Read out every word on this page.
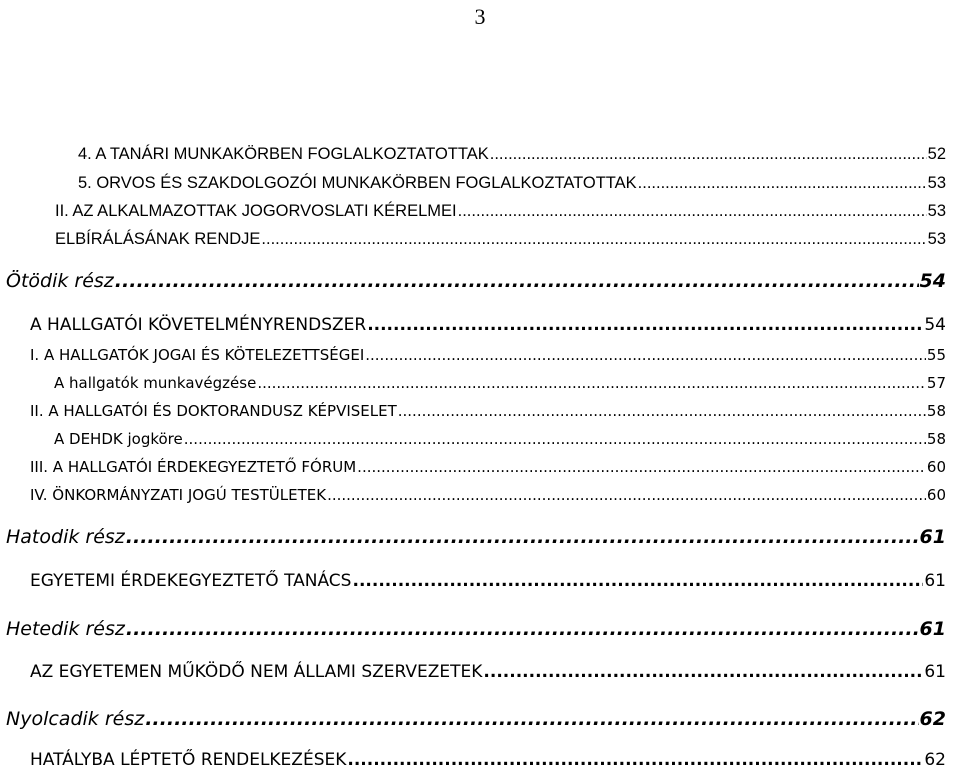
3
4. A TANÁRI MUNKAKÖRBEN FOGLALKOZTATOTTAK .....	52
5. ORVOS ÉS SZAKDOLGOZÓI MUNKAKÖRBEN FOGLALKOZTATOTTAK .....	53
II. AZ ALKALMAZOTTAK JOGORVOSLATI KÉRELMEI .....	53
ELBÍRÁLÁSÁNAK RENDJE .....	53
Ötödik rész .....	54
A HALLGATÓI KÖVETELMÉNYRENDSZER .....	54
I. A HALLGATÓK JOGAI ÉS KÖTELEZETTSÉGEI .....	55
A hallgatók munkavégzése .....	57
II. A HALLGATÓI ÉS DOKTORANDUSZ KÉPVISELET .....	58
A DEHDK jogköre .....	58
III. A HALLGATÓI ÉRDEKEGYEZTETŐ FÓRUM .....	60
IV. ÖNKORMÁNYZATI JOGÚ TESTÜLETEK .....	60
Hatodik rész .....	61
EGYETEMI ÉRDEKEGYEZTETŐ TANÁCS .....	61
Hetedik rész .....	61
AZ EGYETEMEN MŰKÖDŐ NEM ÁLLAMI SZERVEZETEK .....	61
Nyolcadik rész .....	62
HATÁLYBA LÉPTETŐ RENDELKEZÉSEK .....	62
